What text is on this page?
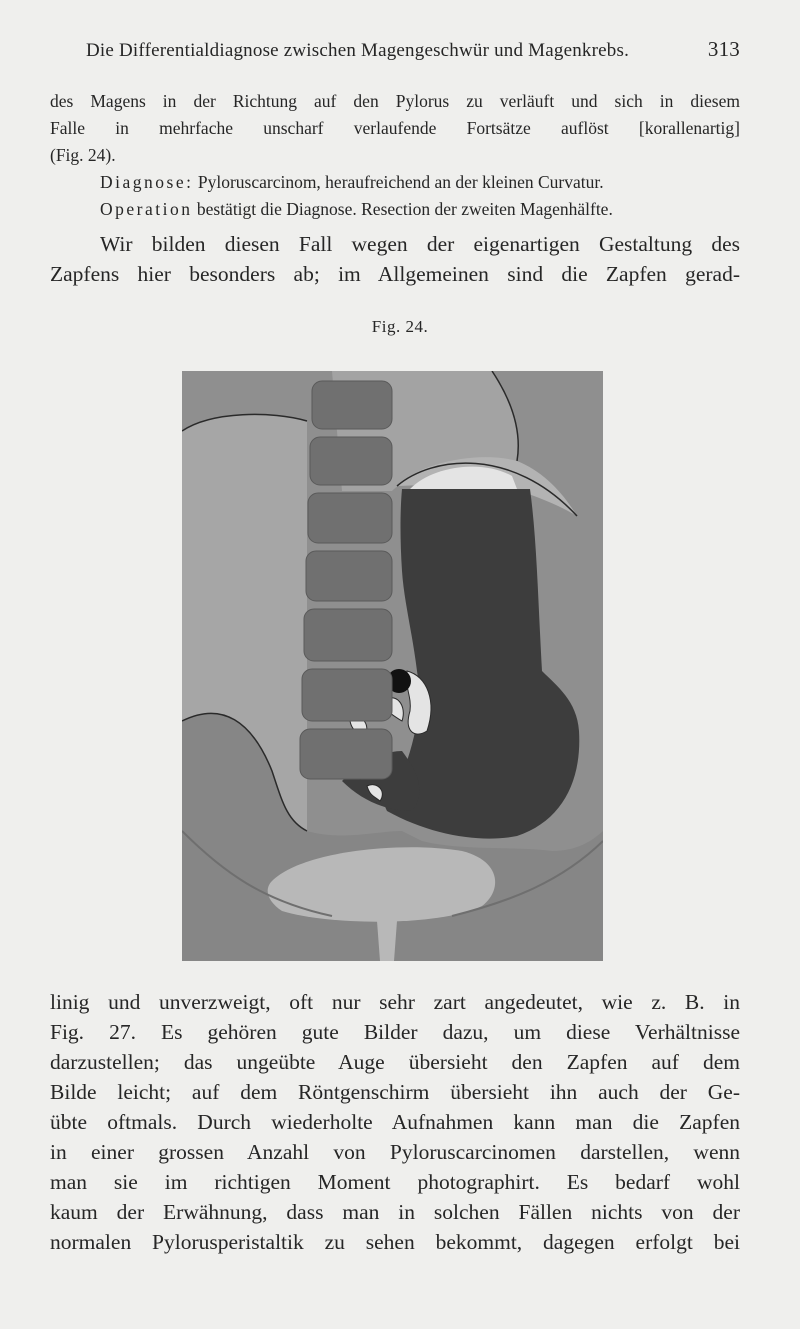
Die Differentialdiagnose zwischen Magengeschwür und Magenkrebs.	313

des Magens in der Richtung auf den Pylorus zu verläuft und sich in diesem

Falle in mehrfache unscharf verlaufende Fortsätze auflöst [korallenartig]

(Fig. 24).

Diagnose: Pyloruscarcinom, heraufreichend an der kleinen Curvatur.

Operation bestätigt die Diagnose. Resection der zweiten Magenhälfte.

Wir bilden diesen Fall wegen der eigenartigen Gestaltung des

Zapfens hier besonders ab; im Allgemeinen sind die Zapfen gerad-

Fig. 24.

linig und unverzweigt, oft nur sehr zart angedeutet, wie z. B. in

Fig. 27. Es gehören gute Bilder dazu, um diese Verhältnisse

darzustellen; das ungeübte Auge übersieht den Zapfen auf dem

Bilde leicht; auf dem Röntgenschirm übersieht ihn auch der Ge-

übte oftmals. Durch wiederholte Aufnahmen kann man die Zapfen

in einer grossen Anzahl von Pyloruscarcinomen darstellen, wenn

man sie im richtigen Moment photographirt. Es bedarf wohl

kaum der Erwähnung, dass man in solchen Fällen nichts von der

normalen Pylorusperistaltik zu sehen bekommt, dagegen erfolgt bei
